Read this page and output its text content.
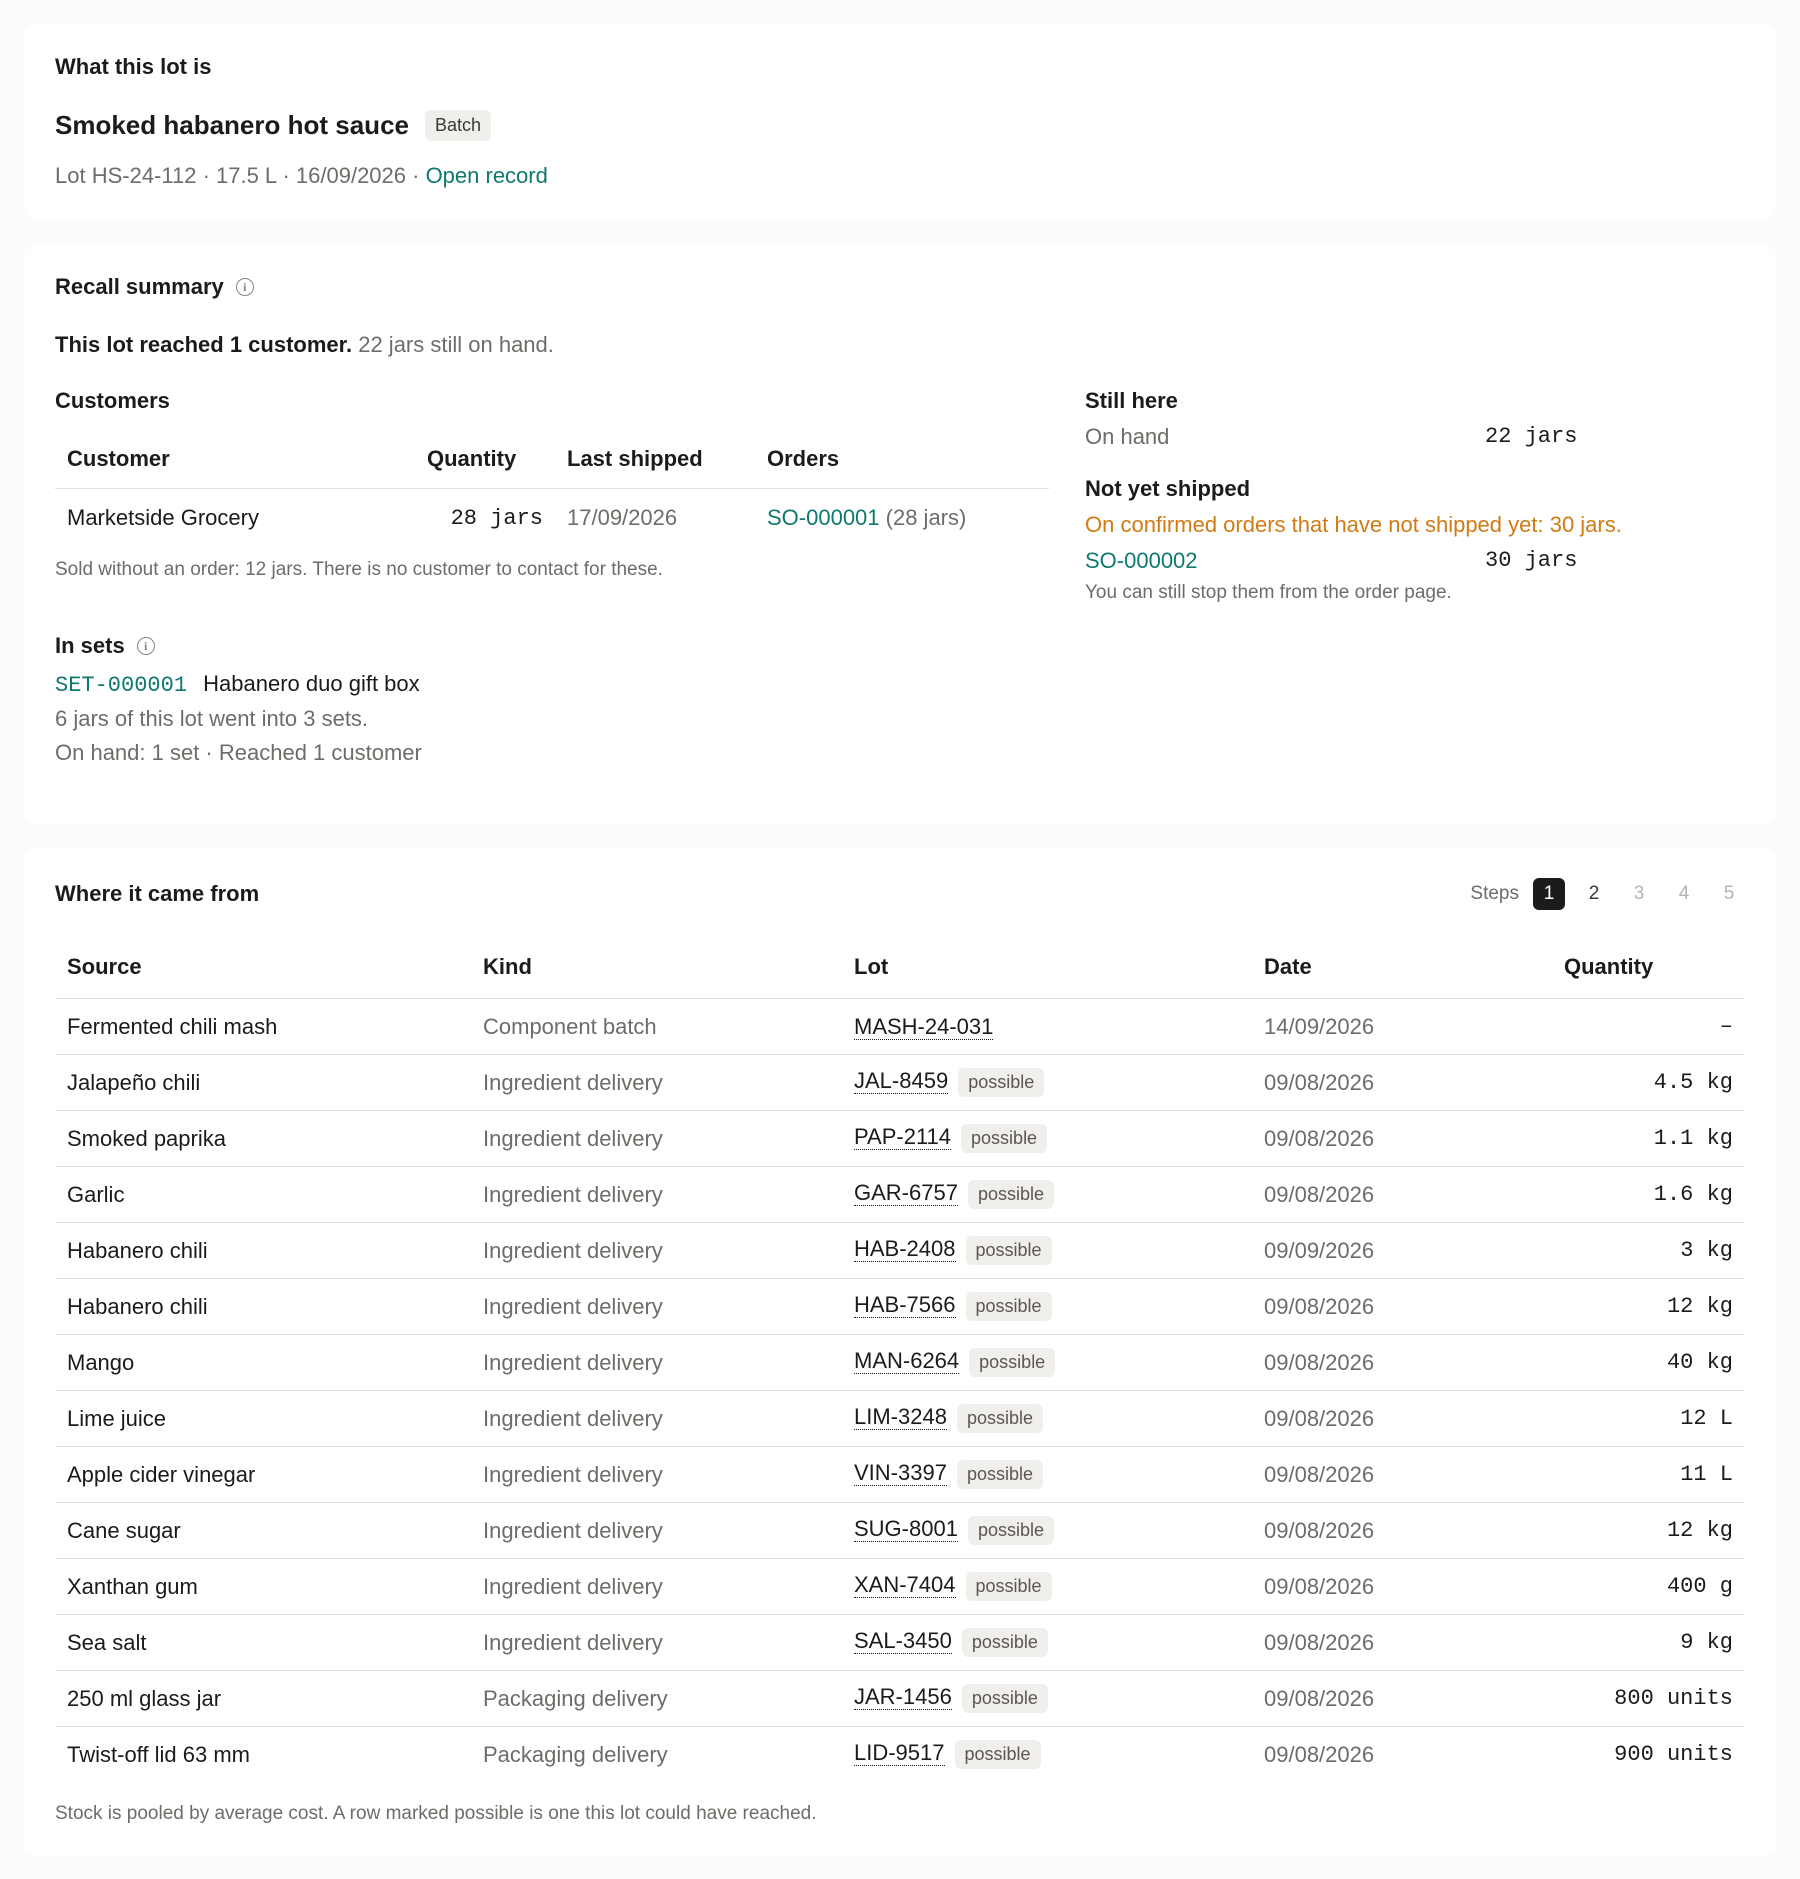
What this lot is
Smoked habanero hot sauce	Batch
Lot HS-24-112 · 17.5 L · 16/09/2026 · Open record
Recall summary	i
This lot reached 1 customer. 22 jars still on hand.
Customers
Customer	Quantity	Last shipped	Orders
Marketside Grocery	28 jars	17/09/2026	SO-000001 (28 jars)
Sold without an order: 12 jars. There is no customer to contact for these.
In sets	i
SET-000001 Habanero duo gift box
6 jars of this lot went into 3 sets.
On hand: 1 set · Reached 1 customer
Still here
On hand	22 jars
Not yet shipped
On confirmed orders that have not shipped yet: 30 jars.
SO-000002	30 jars
You can still stop them from the order page.
Where it came from	Steps	1	2	3	4	5
Source	Kind	Lot	Date	Quantity
Fermented chili mash	Component batch	MASH-24-031	14/09/2026	–
Jalapeño chili	Ingredient delivery	JAL-8459 possible	09/08/2026	4.5 kg
Smoked paprika	Ingredient delivery	PAP-2114 possible	09/08/2026	1.1 kg
Garlic	Ingredient delivery	GAR-6757 possible	09/08/2026	1.6 kg
Habanero chili	Ingredient delivery	HAB-2408 possible	09/09/2026	3 kg
Habanero chili	Ingredient delivery	HAB-7566 possible	09/08/2026	12 kg
Mango	Ingredient delivery	MAN-6264 possible	09/08/2026	40 kg
Lime juice	Ingredient delivery	LIM-3248 possible	09/08/2026	12 L
Apple cider vinegar	Ingredient delivery	VIN-3397 possible	09/08/2026	11 L
Cane sugar	Ingredient delivery	SUG-8001 possible	09/08/2026	12 kg
Xanthan gum	Ingredient delivery	XAN-7404 possible	09/08/2026	400 g
Sea salt	Ingredient delivery	SAL-3450 possible	09/08/2026	9 kg
250 ml glass jar	Packaging delivery	JAR-1456 possible	09/08/2026	800 units
Twist-off lid 63 mm	Packaging delivery	LID-9517 possible	09/08/2026	900 units
Stock is pooled by average cost. A row marked possible is one this lot could have reached.
